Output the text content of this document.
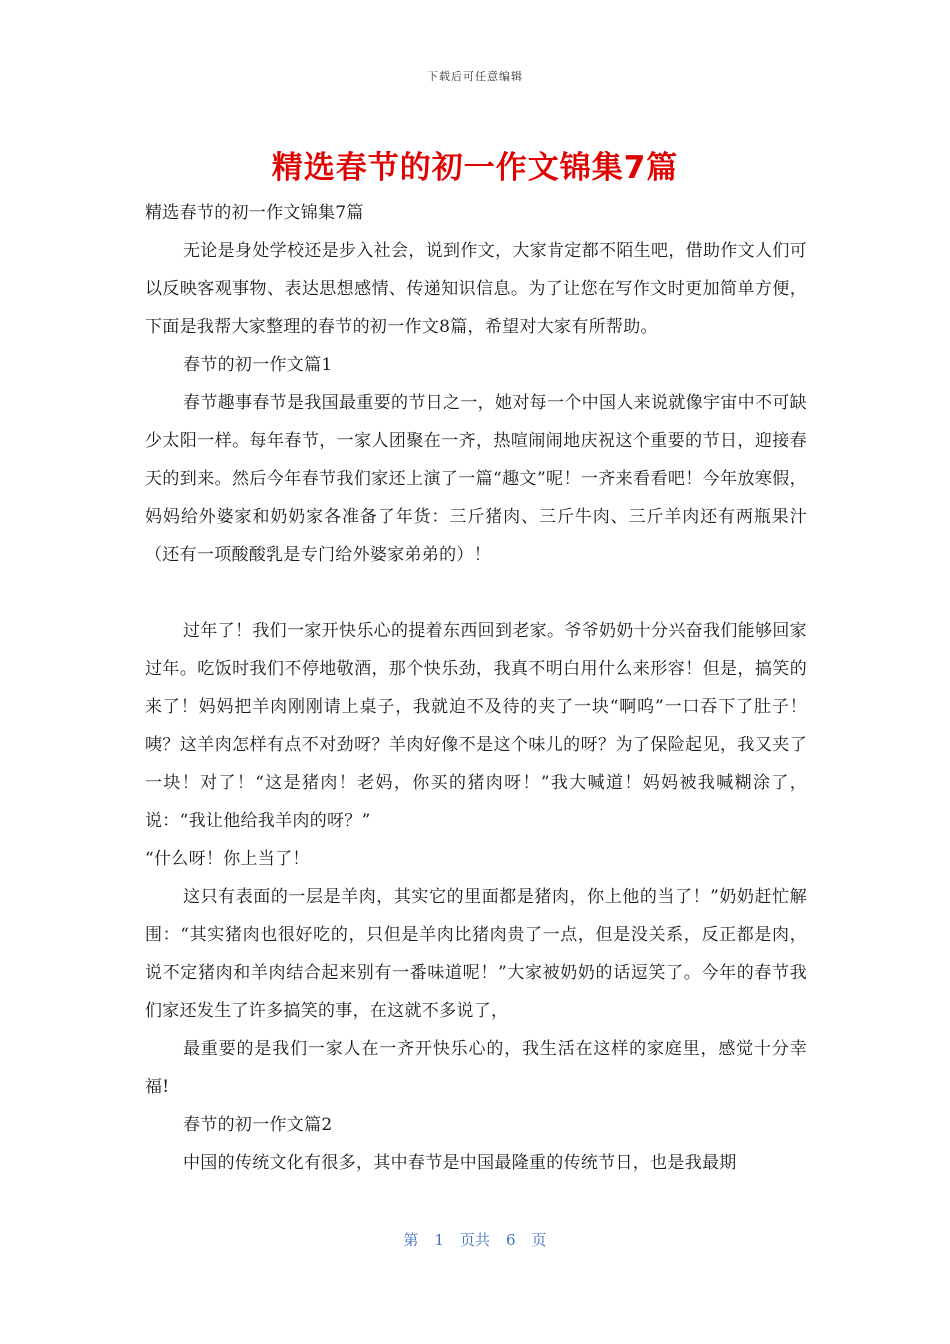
下载后可任意编辑
精选春节的初一作文锦集7篇

精选春节的初一作文锦集7篇

无论是身处学校还是步入社会，说到作文，大家肯定都不陌生吧，借助作文人们可以反映客观事物、表达思想感情、传递知识信息。为了让您在写作文时更加简单方便，下面是我帮大家整理的春节的初一作文8篇，希望对大家有所帮助。

春节的初一作文篇1

春节趣事春节是我国最重要的节日之一，她对每一个中国人来说就像宇宙中不可缺少太阳一样。每年春节，一家人团聚在一齐，热喧闹闹地庆祝这个重要的节日，迎接春天的到来。然后今年春节我们家还上演了一篇“趣文”呢！一齐来看看吧！今年放寒假，妈妈给外婆家和奶奶家各准备了年货：三斤猪肉、三斤牛肉、三斤羊肉还有两瓶果汁（还有一项酸酸乳是专门给外婆家弟弟的）！

过年了！我们一家开快乐心的提着东西回到老家。爷爷奶奶十分兴奋我们能够回家过年。吃饭时我们不停地敬酒，那个快乐劲，我真不明白用什么来形容！但是，搞笑的来了！妈妈把羊肉刚刚请上桌子，我就迫不及待的夹了一块“啊呜”一口吞下了肚子！咦？这羊肉怎样有点不对劲呀？羊肉好像不是这个味儿的呀？为了保险起见，我又夹了一块！对了！“这是猪肉！老妈，你买的猪肉呀！”我大喊道！妈妈被我喊糊涂了，说：“我让他给我羊肉的呀？”

“什么呀！你上当了！

这只有表面的一层是羊肉，其实它的里面都是猪肉，你上他的当了！”奶奶赶忙解围：“其实猪肉也很好吃的，只但是羊肉比猪肉贵了一点，但是没关系，反正都是肉，说不定猪肉和羊肉结合起来别有一番味道呢！”大家被奶奶的话逗笑了。今年的春节我们家还发生了许多搞笑的事，在这就不多说了，

最重要的是我们一家人在一齐开快乐心的，我生活在这样的家庭里，感觉十分幸福!

春节的初一作文篇2

中国的传统文化有很多，其中春节是中国最隆重的传统节日，也是我最期

第 1 页共 6 页
